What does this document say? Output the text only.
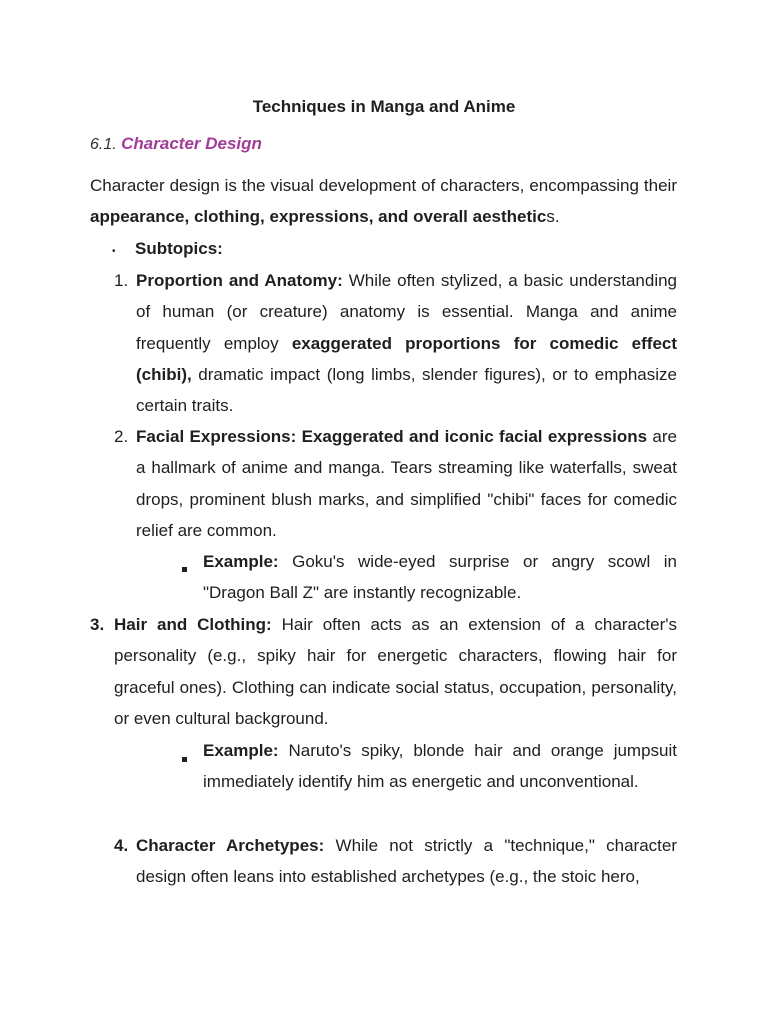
Techniques in Manga and Anime
6.1. Character Design
Character design is the visual development of characters, encompassing their appearance, clothing, expressions, and overall aesthetics.
• Subtopics:
1. Proportion and Anatomy: While often stylized, a basic understanding of human (or creature) anatomy is essential. Manga and anime frequently employ exaggerated proportions for comedic effect (chibi), dramatic impact (long limbs, slender figures), or to emphasize certain traits.
2. Facial Expressions: Exaggerated and iconic facial expressions are a hallmark of anime and manga. Tears streaming like waterfalls, sweat drops, prominent blush marks, and simplified "chibi" faces for comedic relief are common.
Example: Goku's wide-eyed surprise or angry scowl in "Dragon Ball Z" are instantly recognizable.
3. Hair and Clothing: Hair often acts as an extension of a character's personality (e.g., spiky hair for energetic characters, flowing hair for graceful ones). Clothing can indicate social status, occupation, personality, or even cultural background.
Example: Naruto's spiky, blonde hair and orange jumpsuit immediately identify him as energetic and unconventional.
4. Character Archetypes: While not strictly a "technique," character design often leans into established archetypes (e.g., the stoic hero,
